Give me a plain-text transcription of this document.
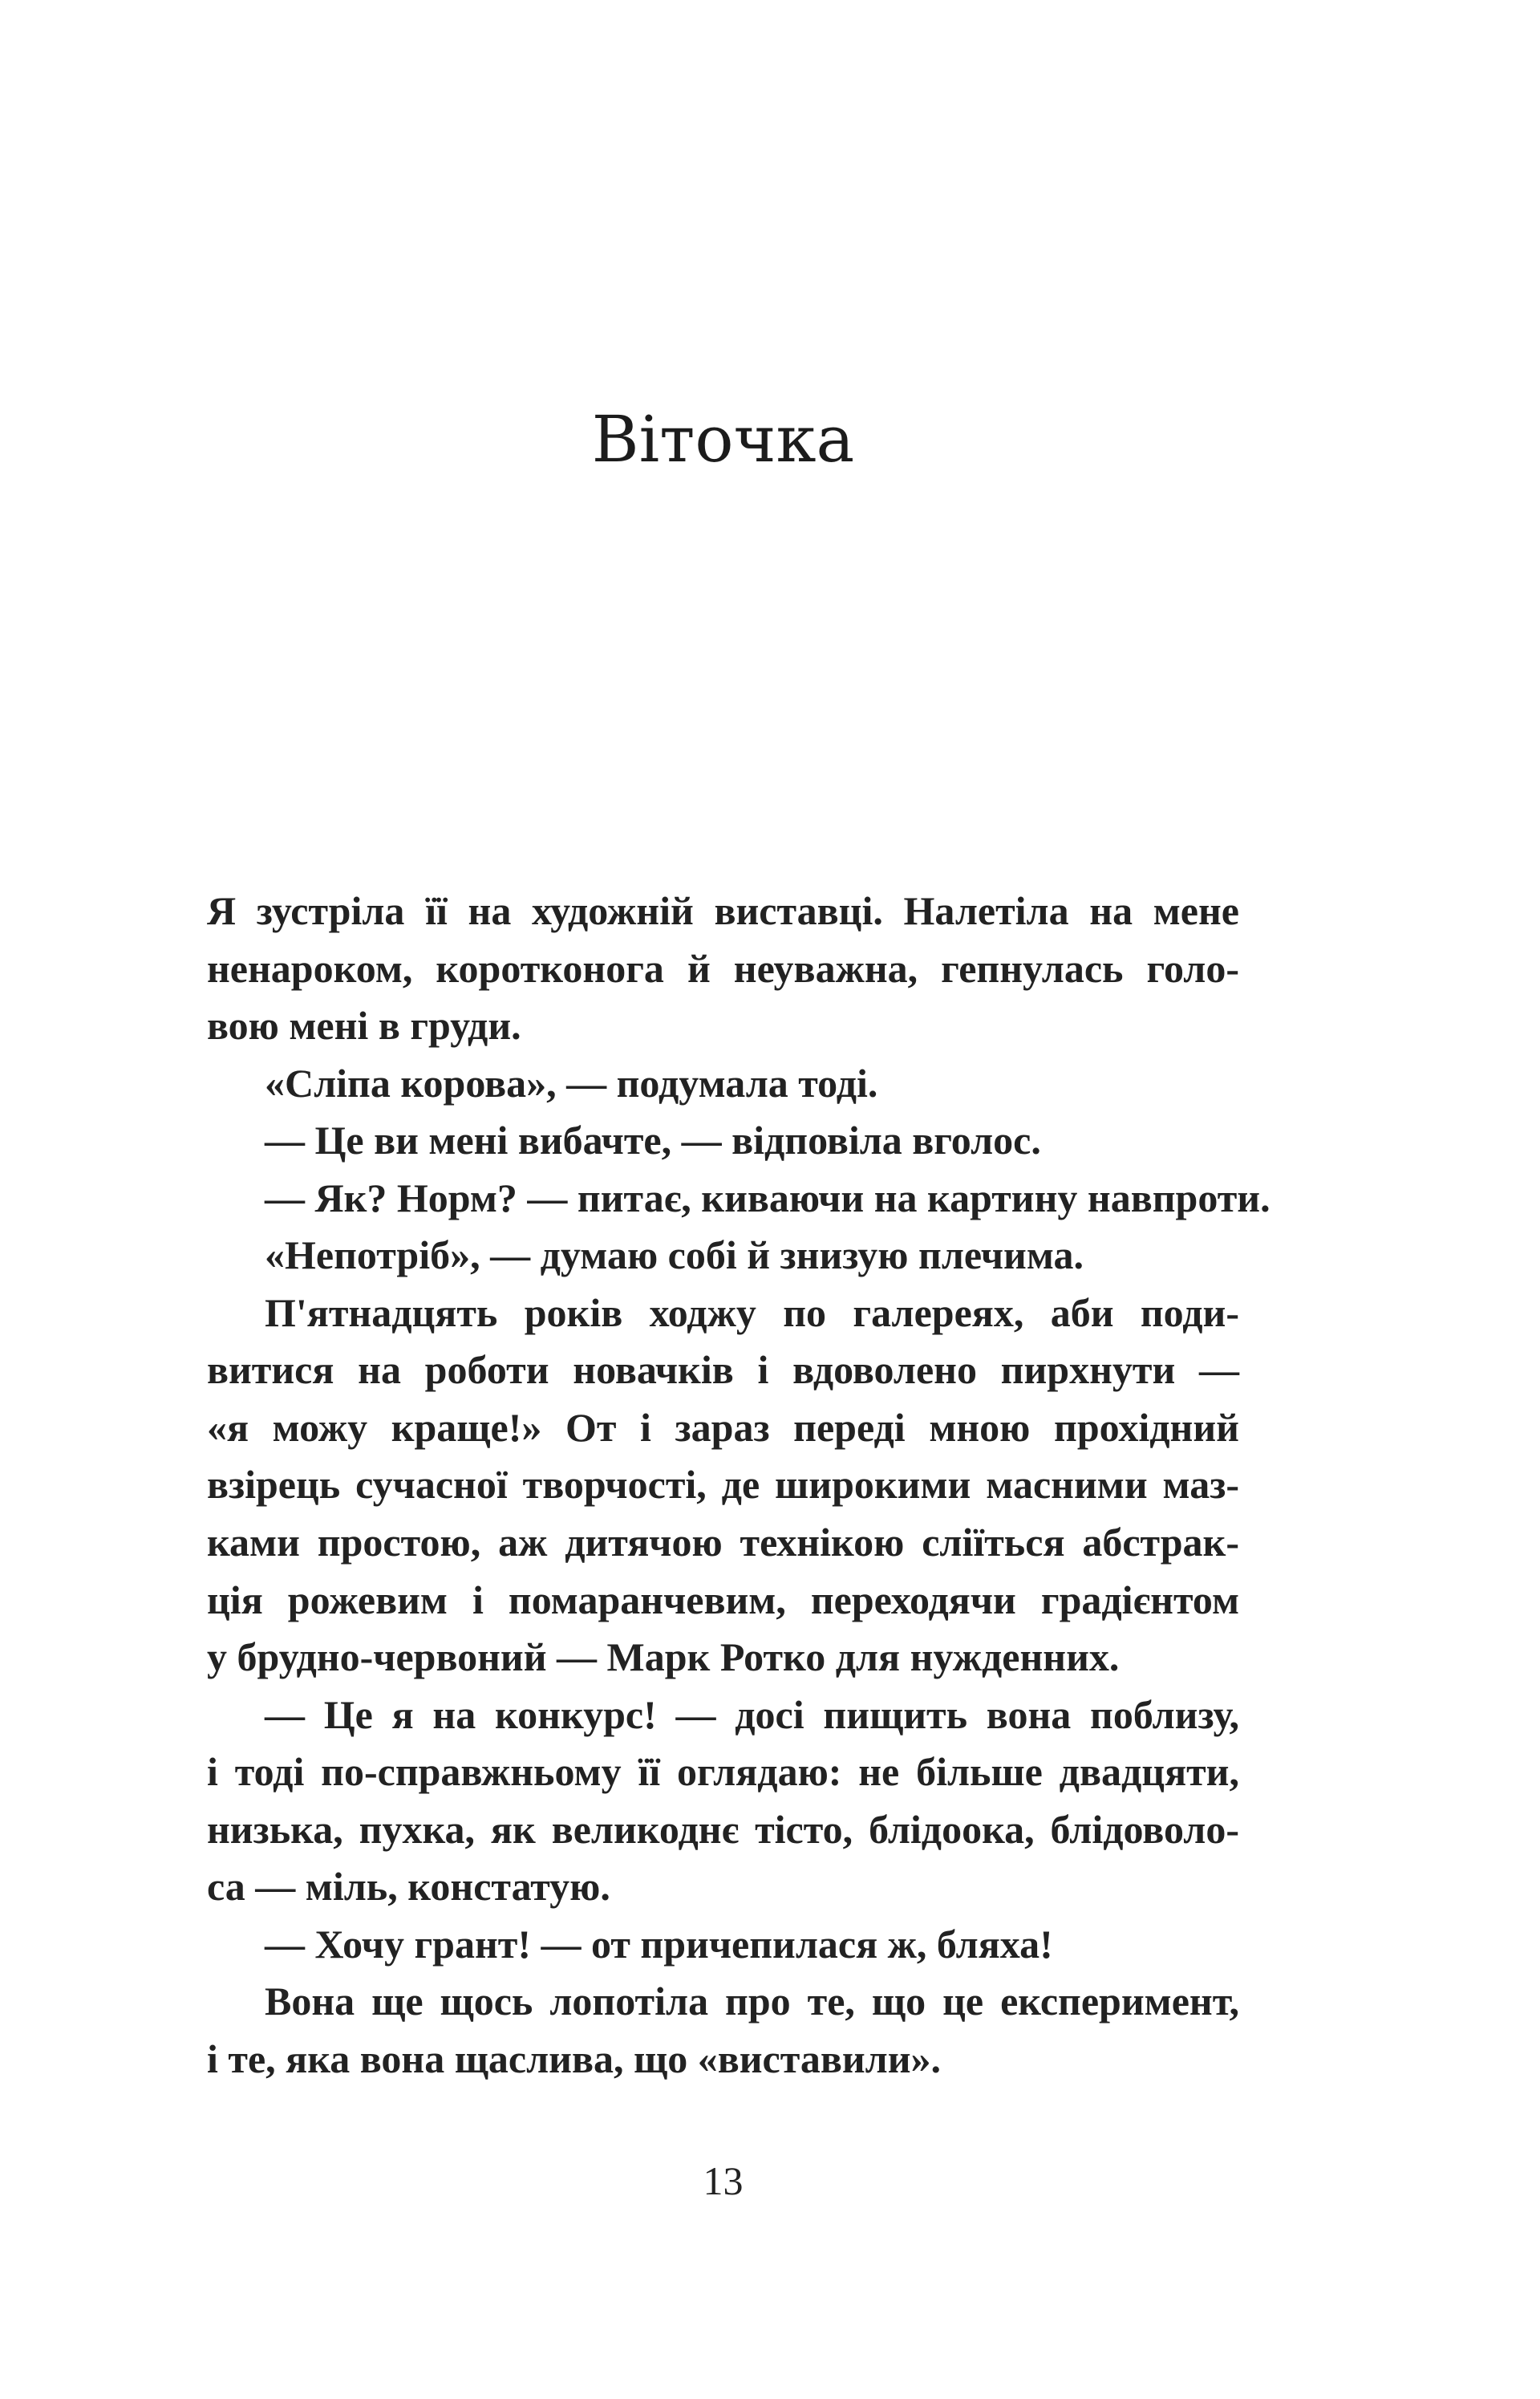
Віточка
Я зустріла її на художній виставці. Налетіла на мене
ненароком, коротконога й неуважна, гепнулась голо-
вою мені в груди.
«Сліпа корова», — подумала тоді.
— Це ви мені вибачте, — відповіла вголос.
— Як? Норм? — питає, киваючи на картину навпроти.
«Непотріб», — думаю собі й знизую плечима.
П'ятнадцять років ходжу по галереях, аби поди-
витися на роботи новачків і вдоволено пирхнути —
«я можу краще!» От і зараз переді мною прохідний
взірець сучасної творчості, де широкими масними маз-
ками простою, аж дитячою технікою сліїться абстрак-
ція рожевим і помаранчевим, переходячи градієнтом
у брудно-червоний — Марк Ротко для нужденних.
— Це я на конкурс! — досі пищить вона поблизу,
і тоді по-справжньому її оглядаю: не більше двадцяти,
низька, пухка, як великоднє тісто, блідоока, блідоволо-
са — міль, констатую.
— Хочу грант! — от причепилася ж, бляха!
Вона ще щось лопотіла про те, що це експеримент,
і те, яка вона щаслива, що «виставили».
13
